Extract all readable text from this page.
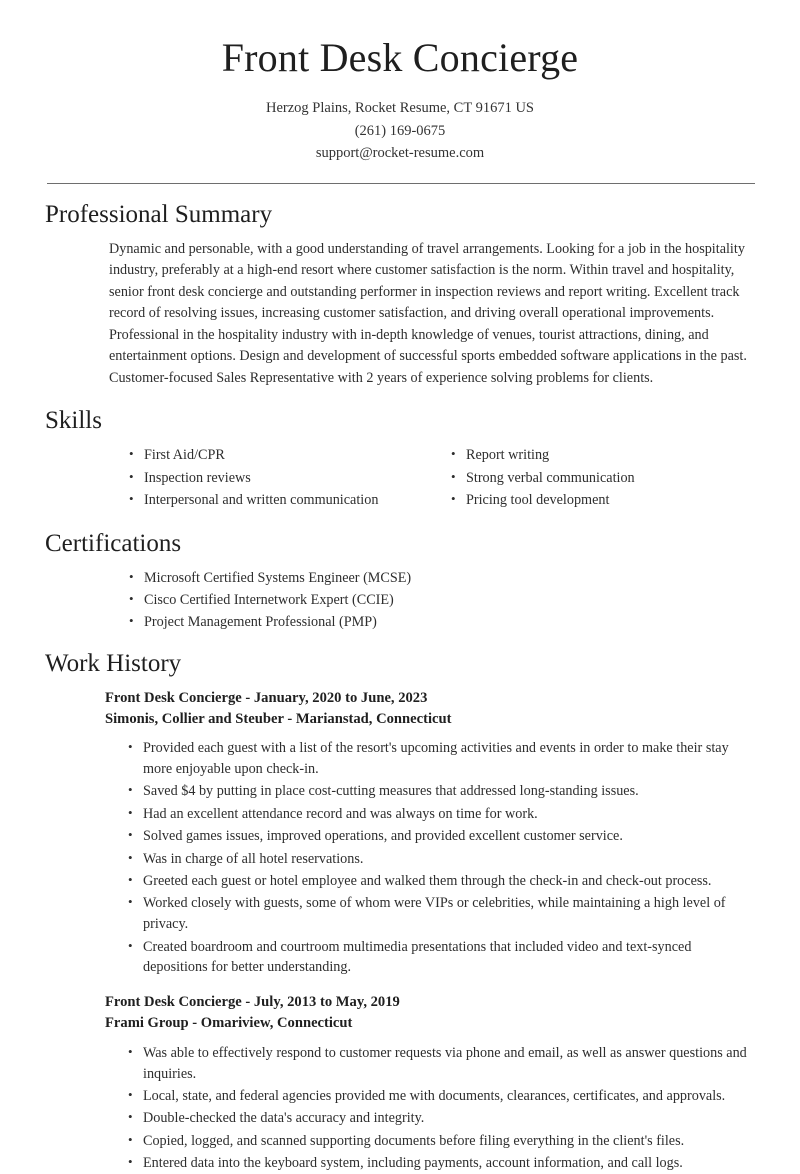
Front Desk Concierge

Herzog Plains, Rocket Resume, CT 91671 US

(261) 169-0675

support@rocket-resume.com

Professional Summary

Dynamic and personable, with a good understanding of travel arrangements. Looking for a job in the hospitality industry, preferably at a high-end resort where customer satisfaction is the norm. Within travel and hospitality, senior front desk concierge and outstanding performer in inspection reviews and report writing. Excellent track record of resolving issues, increasing customer satisfaction, and driving overall operational improvements. Professional in the hospitality industry with in-depth knowledge of venues, tourist attractions, dining, and entertainment options. Design and development of successful sports embedded software applications in the past. Customer-focused Sales Representative with 2 years of experience solving problems for clients.

Skills
• First Aid/CPR
• Inspection reviews
• Interpersonal and written communication
• Report writing
• Strong verbal communication
• Pricing tool development
Certifications
• Microsoft Certified Systems Engineer (MCSE)
• Cisco Certified Internetwork Expert (CCIE)
• Project Management Professional (PMP)
Work History

Front Desk Concierge - January, 2020 to June, 2023

Simonis, Collier and Steuber - Marianstad, Connecticut

• Provided each guest with a list of the resort's upcoming activities and events in order to make their stay more enjoyable upon check-in.
• Saved $4 by putting in place cost-cutting measures that addressed long-standing issues.
• Had an excellent attendance record and was always on time for work.
• Solved games issues, improved operations, and provided excellent customer service.
• Was in charge of all hotel reservations.
• Greeted each guest or hotel employee and walked them through the check-in and check-out process.
• Worked closely with guests, some of whom were VIPs or celebrities, while maintaining a high level of privacy.
• Created boardroom and courtroom multimedia presentations that included video and text-synced depositions for better understanding.

Front Desk Concierge - July, 2013 to May, 2019

Frami Group - Omariview, Connecticut

• Was able to effectively respond to customer requests via phone and email, as well as answer questions and inquiries.
• Local, state, and federal agencies provided me with documents, clearances, certificates, and approvals.
• Double-checked the data's accuracy and integrity.
• Copied, logged, and scanned supporting documents before filing everything in the client's files.
• Entered data into the keyboard system, including payments, account information, and call logs.
